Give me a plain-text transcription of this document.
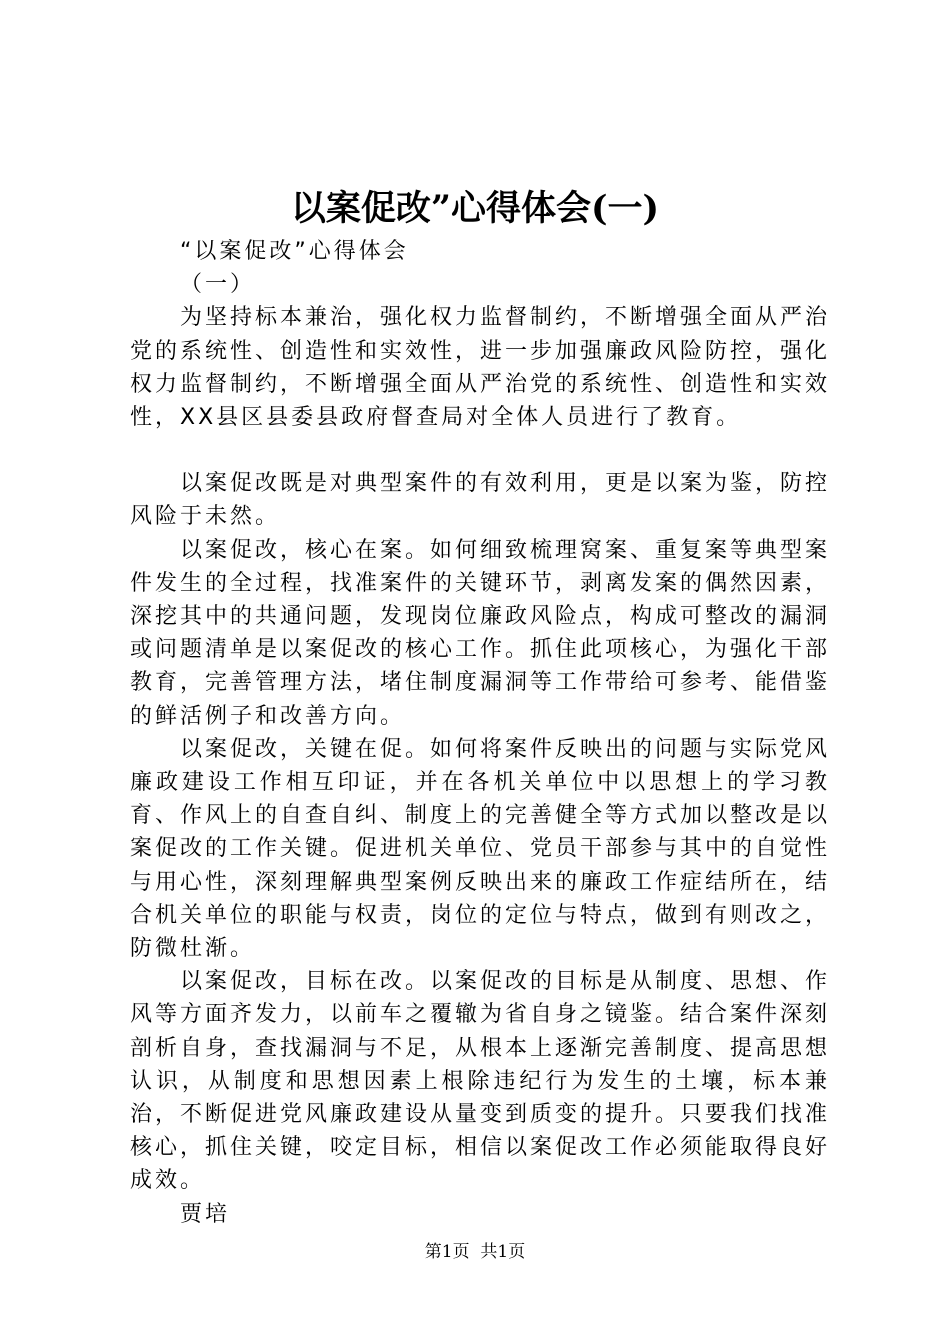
以案促改”心得体会(一)

“以案促改”心得体会

（一）

为坚持标本兼治，强化权力监督制约，不断增强全面从严治党的系统性、创造性和实效性，进一步加强廉政风险防控，强化权力监督制约，不断增强全面从严治党的系统性、创造性和实效性，XX县区县委县政府督查局对全体人员进行了教育。

以案促改既是对典型案件的有效利用，更是以案为鉴，防控风险于未然。

以案促改，核心在案。如何细致梳理窝案、重复案等典型案件发生的全过程，找准案件的关键环节，剥离发案的偶然因素，深挖其中的共通问题，发现岗位廉政风险点，构成可整改的漏洞或问题清单是以案促改的核心工作。抓住此项核心，为强化干部教育，完善管理方法，堵住制度漏洞等工作带给可参考、能借鉴的鲜活例子和改善方向。

以案促改，关键在促。如何将案件反映出的问题与实际党风廉政建设工作相互印证，并在各机关单位中以思想上的学习教育、作风上的自查自纠、制度上的完善健全等方式加以整改是以案促改的工作关键。促进机关单位、党员干部参与其中的自觉性与用心性，深刻理解典型案例反映出来的廉政工作症结所在，结合机关单位的职能与权责，岗位的定位与特点，做到有则改之，防微杜渐。

以案促改，目标在改。以案促改的目标是从制度、思想、作风等方面齐发力，以前车之覆辙为省自身之镜鉴。结合案件深刻剖析自身，查找漏洞与不足，从根本上逐渐完善制度、提高思想认识，从制度和思想因素上根除违纪行为发生的土壤，标本兼治，不断促进党风廉政建设从量变到质变的提升。只要我们找准核心，抓住关键，咬定目标，相信以案促改工作必须能取得良好成效。

贾培

第1页 共1页
